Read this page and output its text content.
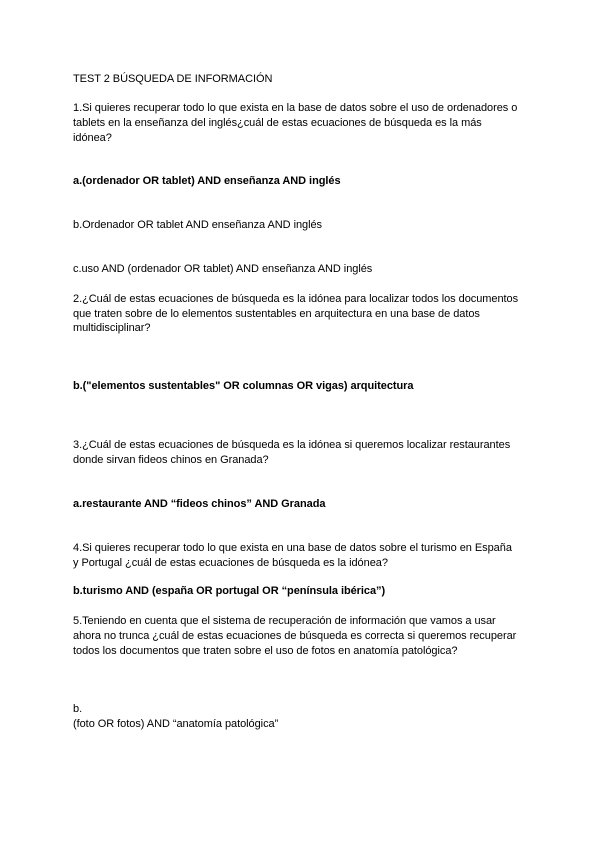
TEST 2 BÚSQUEDA DE INFORMACIÓN
1.Si quieres recuperar todo lo que exista en la base de datos sobre el uso de ordenadores o
tablets en la enseñanza del inglés¿cuál de estas ecuaciones de búsqueda es la más
idónea?
a.(ordenador OR tablet) AND enseñanza AND inglés
b.Ordenador OR tablet AND enseñanza AND inglés
c.uso AND (ordenador OR tablet) AND enseñanza AND inglés
2.¿Cuál de estas ecuaciones de búsqueda es la idónea para localizar todos los documentos
que traten sobre de lo elementos sustentables en arquitectura en una base de datos
multidisciplinar?
b.("elementos sustentables" OR columnas OR vigas) arquitectura
3.¿Cuál de estas ecuaciones de búsqueda es la idónea si queremos localizar restaurantes
donde sirvan fideos chinos en Granada?
a.restaurante AND “fideos chinos” AND Granada
4.Si quieres recuperar todo lo que exista en una base de datos sobre el turismo en España
y Portugal ¿cuál de estas ecuaciones de búsqueda es la idónea?
b.turismo AND (españa OR portugal OR “península ibérica”)
5.Teniendo en cuenta que el sistema de recuperación de información que vamos a usar
ahora no trunca ¿cuál de estas ecuaciones de búsqueda es correcta si queremos recuperar
todos los documentos que traten sobre el uso de fotos en anatomía patológica?
b.
(foto OR fotos) AND “anatomía patológica”
